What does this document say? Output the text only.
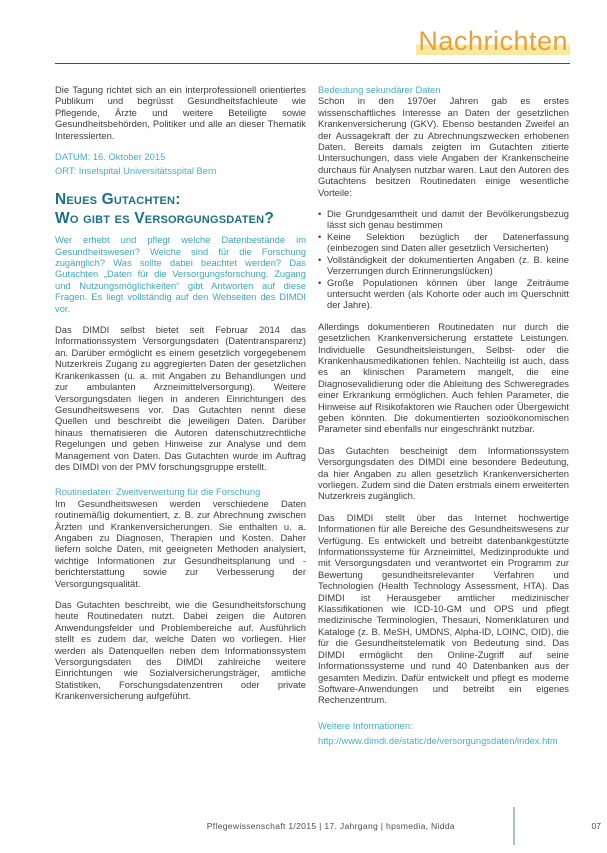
Nachrichten

Die Tagung richtet sich an ein interprofessionell orientiertes Publikum und begrüsst Gesundheitsfachleute wie Pflegende, Ärzte und weitere Beteiligte sowie Gesundheitsbehörden, Politiker und alle an dieser Thematik Interessierten.

DATUM: 16. Oktober 2015
ORT: Inselspital Universitätsspital Bern
Neues Gutachten:
Wo gibt es Versorgungsdaten?

Wer erhebt und pflegt welche Datenbestände im Gesundheitswesen? Welche sind für die Forschung zugänglich? Was sollte dabei beachtet werden? Das Gutachten „Daten für die Versorgungsforschung. Zugang und Nutzungsmöglichkeiten“ gibt Antworten auf diese Fragen. Es liegt vollständig auf den Webseiten des DIMDI vor.

Das DIMDI selbst bietet seit Februar 2014 das Informationssystem Versorgungsdaten (Datentransparenz) an. Darüber ermöglicht es einem gesetzlich vorgegebenem Nutzerkreis Zugang zu aggregierten Daten der gesetzlichen Krankenkassen (u. a. mit Angaben zu Behandlungen und zur ambulanten Arzneimittelversorgung). Weitere Versorgungsdaten liegen in anderen Einrichtungen des Gesundheitswesens vor. Das Gutachten nennt diese Quellen und beschreibt die jeweiligen Daten. Darüber hinaus thematisieren die Autoren datenschutzrechtliche Regelungen und geben Hinweise zur Analyse und dem Management von Daten. Das Gutachten wurde im Auftrag des DIMDI von der PMV forschungsgruppe erstellt.

Routinedaten: Zweitverwertung für die Forschung

Im Gesundheitswesen werden verschiedene Daten routinemäßig dokumentiert, z. B. zur Abrechnung zwischen Ärzten und Krankenversicherungen. Sie enthalten u. a. Angaben zu Diagnosen, Therapien und Kosten. Daher liefern solche Daten, mit geeigneten Methoden analysiert, wichtige Informationen zur Gesundheitsplanung und -berichterstattung sowie zur Verbesserung der Versorgungsqualität.

Das Gutachten beschreibt, wie die Gesundheitsforschung heute Routinedaten nutzt. Dabei zeigen die Autoren Anwendungsfelder und Problembereiche auf. Ausführlich stellt es zudem dar, welche Daten wo vorliegen. Hier werden als Datenquellen neben dem Informationssystem Versorgungsdaten des DIMDI zahlreiche weitere Einrichtungen wie Sozialversicherungsträger, amtliche Statistiken, Forschungsdatenzentren oder private Krankenversicherung aufgeführt.

Bedeutung sekundärer Daten

Schon in den 1970er Jahren gab es erstes wissenschaftliches Interesse an Daten der gesetzlichen Krankenversicherung (GKV). Ebenso bestanden Zweifel an der Aussagekraft der zu Abrechnungszwecken erhobenen Daten. Bereits damals zeigten im Gutachten zitierte Untersuchungen, dass viele Angaben der Krankenscheine durchaus für Analysen nutzbar waren. Laut den Autoren des Gutachtens besitzen Routinedaten einige wesentliche Vorteile:

• Die Grundgesamtheit und damit der Bevölkerungsbezug lässt sich genau bestimmen
• Keine Selektion bezüglich der Datenerfassung (einbezogen sind Daten aller gesetzlich Versicherten)
• Vollständigkeit der dokumentierten Angaben (z. B. keine Verzerrungen durch Erinnerungslücken)
• Große Populationen können über lange Zeiträume untersucht werden (als Kohorte oder auch im Querschnitt der Jahre).

Allerdings dokumentieren Routinedaten nur durch die gesetzlichen Krankenversicherung erstattete Leistungen. Individuelle Gesundheitsleistungen, Selbst- oder die Krankenhausmedikationen fehlen. Nachteilig ist auch, dass es an klinischen Parametern mangelt, die eine Diagnosevalidierung oder die Ableitung des Schweregrades einer Erkrankung ermöglichen. Auch fehlen Parameter, die Hinweise auf Risikofaktoren wie Rauchen oder Übergewicht geben könnten. Die dokumentierten sozioökonomischen Parameter sind ebenfalls nur eingeschränkt nutzbar.

Das Gutachten bescheinigt dem Informationssystem Versorgungsdaten des DIMDI eine besondere Bedeutung, da hier Angaben zu allen gesetzlich Krankenversicherten vorliegen. Zudem sind die Daten erstmals einem erweiterten Nutzerkreis zugänglich.

Das DIMDI stellt über das Internet hochwertige Informationen für alle Bereiche des Gesundheitswesens zur Verfügung. Es entwickelt und betreibt datenbankgestützte Informationssysteme für Arzneimittel, Medizinprodukte und mit Versorgungsdaten und verantwortet ein Programm zur Bewertung gesundheitsrelevanter Verfahren und Technologien (Health Technology Assessment, HTA). Das DIMDI ist Herausgeber amtlicher medizinischer Klassifikationen wie ICD-10-GM und OPS und pflegt medizinische Terminologien, Thesauri, Nomenklaturen und Kataloge (z. B. MeSH, UMDNS, Alpha-ID, LOINC, OID), die für die Gesundheitstelematik von Bedeutung sind. Das DIMDI ermöglicht den Online-Zugriff auf seine Informationssysteme und rund 40 Datenbanken aus der gesamten Medizin. Dafür entwickelt und pflegt es moderne Software-Anwendungen und betreibt ein eigenes Rechenzentrum.

Weitere Informationen:
http://www.dimdi.de/static/de/versorgungsdaten/index.htm
Pflegewissenschaft 1/2015 | 17. Jahrgang | hpsmedia, Nidda	07
